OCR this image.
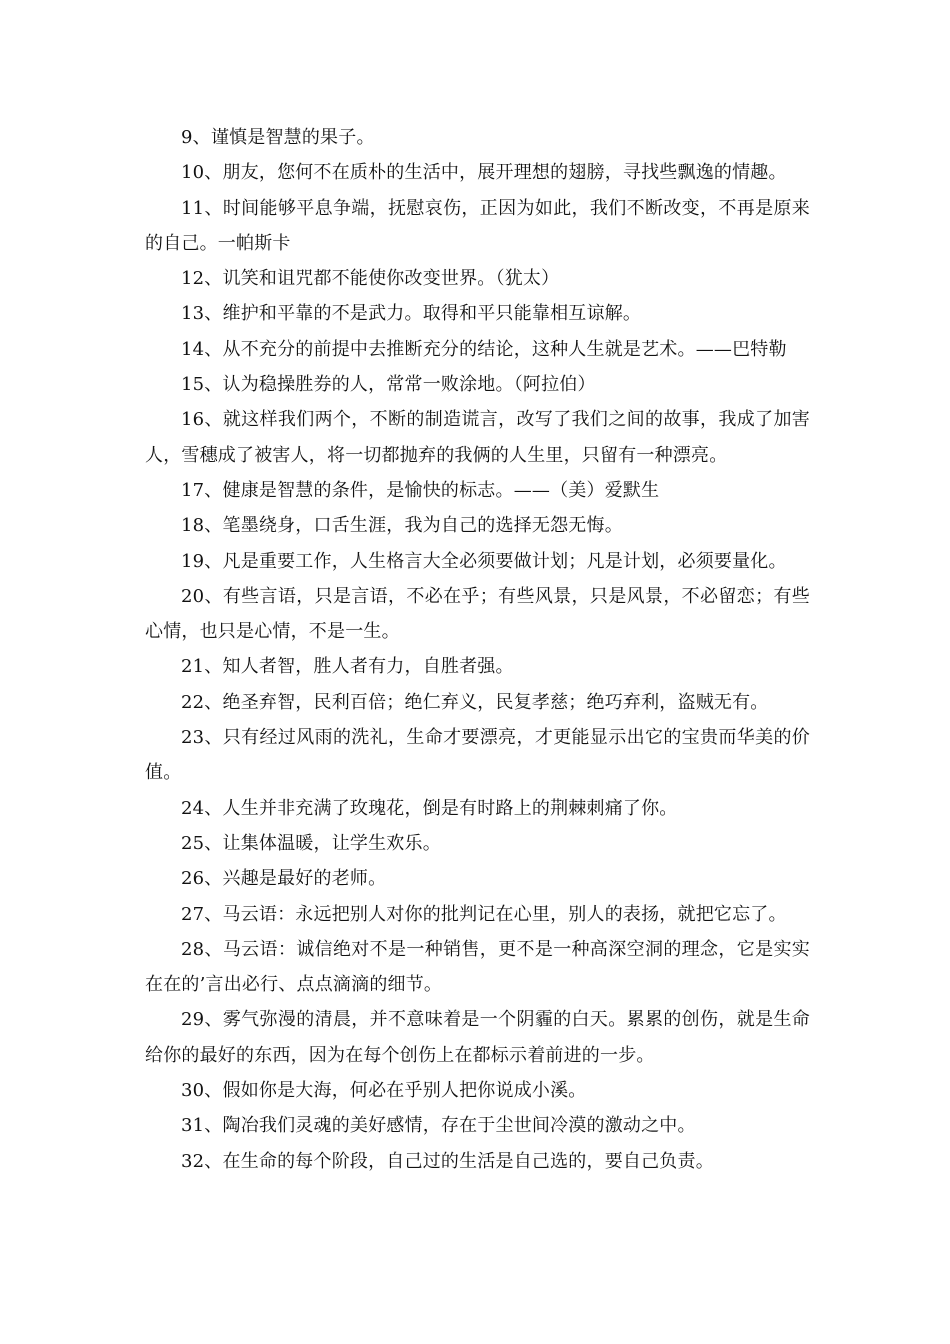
9、谨慎是智慧的果子。

10、朋友，您何不在质朴的生活中，展开理想的翅膀，寻找些飘逸的情趣。

11、时间能够平息争端，抚慰哀伤，正因为如此，我们不断改变，不再是原来的自己。一帕斯卡

12、讥笑和诅咒都不能使你改变世界。（犹太）

13、维护和平靠的不是武力。取得和平只能靠相互谅解。

14、从不充分的前提中去推断充分的结论，这种人生就是艺术。——巴特勒

15、认为稳操胜券的人，常常一败涂地。（阿拉伯）

16、就这样我们两个，不断的制造谎言，改写了我们之间的故事，我成了加害人，雪穗成了被害人，将一切都抛弃的我俩的人生里，只留有一种漂亮。

17、健康是智慧的条件，是愉快的标志。——（美）爱默生

18、笔墨绕身，口舌生涯，我为自己的选择无怨无悔。

19、凡是重要工作，人生格言大全必须要做计划；凡是计划，必须要量化。

20、有些言语，只是言语，不必在乎；有些风景，只是风景，不必留恋；有些心情，也只是心情，不是一生。

21、知人者智，胜人者有力，自胜者强。

22、绝圣弃智，民利百倍；绝仁弃义，民复孝慈；绝巧弃利，盗贼无有。

23、只有经过风雨的洗礼，生命才要漂亮，才更能显示出它的宝贵而华美的价值。

24、人生并非充满了玫瑰花，倒是有时路上的荆棘刺痛了你。

25、让集体温暖，让学生欢乐。

26、兴趣是最好的老师。

27、马云语：永远把别人对你的批判记在心里，别人的表扬，就把它忘了。

28、马云语：诚信绝对不是一种销售，更不是一种高深空洞的理念，它是实实在在的’言出必行、点点滴滴的细节。

29、雾气弥漫的清晨，并不意味着是一个阴霾的白天。累累的创伤，就是生命给你的最好的东西，因为在每个创伤上在都标示着前进的一步。

30、假如你是大海，何必在乎别人把你说成小溪。

31、陶冶我们灵魂的美好感情，存在于尘世间冷漠的激动之中。

32、在生命的每个阶段，自己过的生活是自己选的，要自己负责。
